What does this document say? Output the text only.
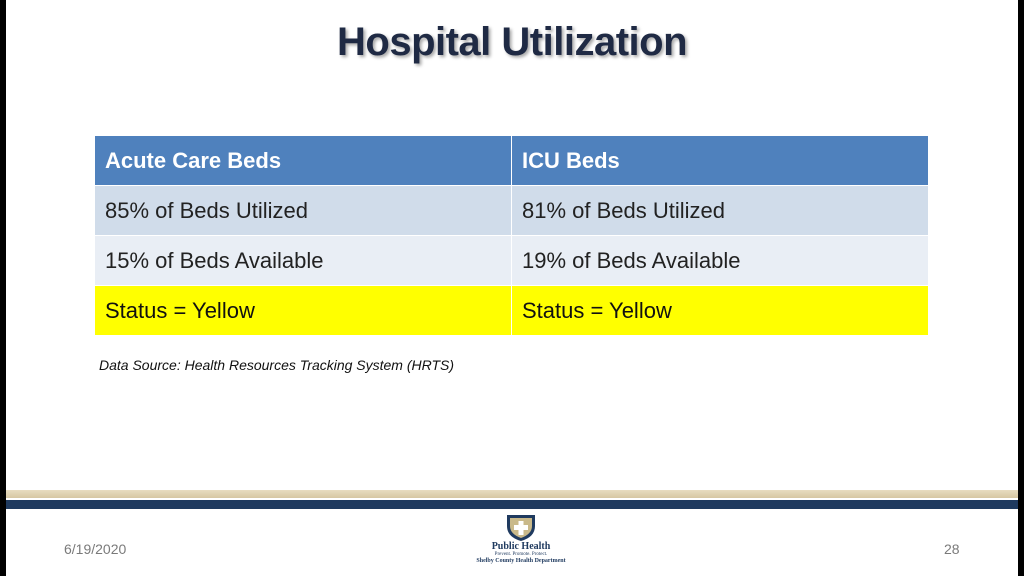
Hospital Utilization
Acute Care Beds	ICU Beds
85% of Beds Utilized	81% of Beds Utilized
15% of Beds Available	19% of Beds Available
Status = Yellow	Status = Yellow
Data Source: Health Resources Tracking System (HRTS)
6/19/2020	Public Health
Prevent. Promote. Protect.
Shelby County Health Department
28
